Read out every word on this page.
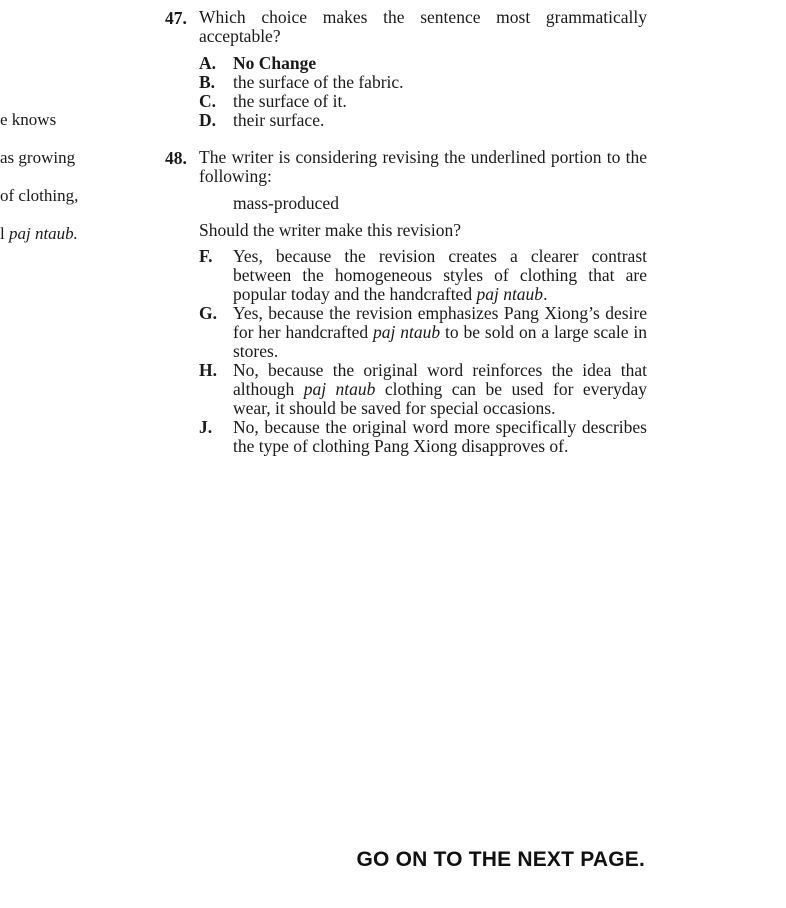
e knows
as growing
of clothing,
l paj ntaub.
47. Which choice makes the sentence most grammatically acceptable?
A. No Change
B.	the surface of the fabric.
C. the surface of it.
D. their surface.
48. The writer is considering revising the underlined portion to the following:
mass-produced
Should the writer make this revision?
F.	Yes, because the revision creates a clearer contrast between the homogeneous styles of clothing that are popular today and the handcrafted paj ntaub.
G. Yes, because the revision emphasizes Pang Xiong’s desire for her handcrafted paj ntaub to be sold on a large scale in stores.
H. No, because the original word reinforces the idea that although paj ntaub clothing can be used for everyday wear, it should be saved for special occasions.
J.	No, because the original word more specifically describes the type of clothing Pang Xiong disapproves of.
GO ON TO THE NEXT PAGE.
